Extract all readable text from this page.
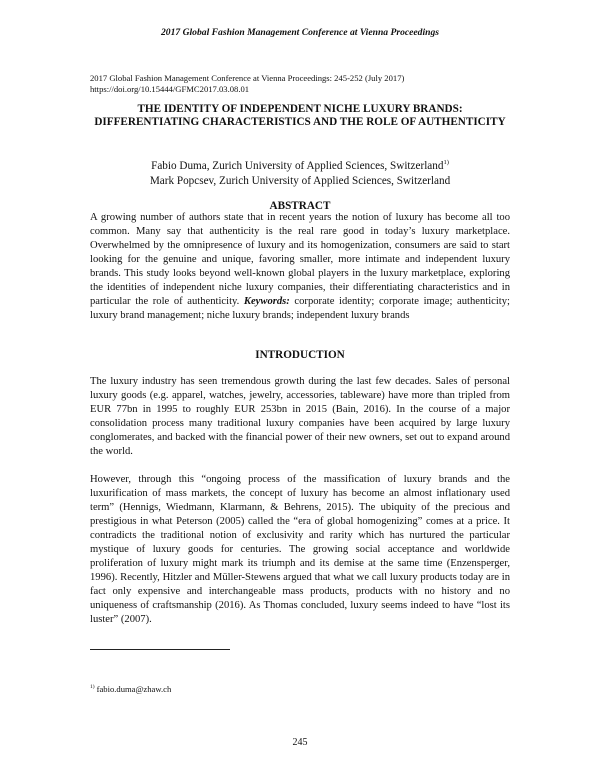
2017 Global Fashion Management Conference at Vienna Proceedings
2017 Global Fashion Management Conference at Vienna Proceedings: 245-252 (July 2017)
https://doi.org/10.15444/GFMC2017.03.08.01
THE IDENTITY OF INDEPENDENT NICHE LUXURY BRANDS: DIFFERENTIATING CHARACTERISTICS AND THE ROLE OF AUTHENTICITY
Fabio Duma, Zurich University of Applied Sciences, Switzerland$^{1)}$
Mark Popcsev, Zurich University of Applied Sciences, Switzerland
ABSTRACT
A growing number of authors state that in recent years the notion of luxury has become all too common. Many say that authenticity is the real rare good in today’s luxury marketplace. Overwhelmed by the omnipresence of luxury and its homogenization, consumers are said to start looking for the genuine and unique, favoring smaller, more intimate and independent luxury brands. This study looks beyond well-known global players in the luxury marketplace, exploring the identities of independent niche luxury companies, their differentiating characteristics and in particular the role of authenticity. Keywords: corporate identity; corporate image; authenticity; luxury brand management; niche luxury brands; independent luxury brands
INTRODUCTION
The luxury industry has seen tremendous growth during the last few decades. Sales of personal luxury goods (e.g. apparel, watches, jewelry, accessories, tableware) have more than tripled from EUR 77bn in 1995 to roughly EUR 253bn in 2015 (Bain, 2016). In the course of a major consolidation process many traditional luxury companies have been acquired by large luxury conglomerates, and backed with the financial power of their new owners, set out to expand around the world.
However, through this “ongoing process of the massification of luxury brands and the luxurification of mass markets, the concept of luxury has become an almost inflationary used term” (Hennigs, Wiedmann, Klarmann, & Behrens, 2015). The ubiquity of the precious and prestigious in what Peterson (2005) called the “era of global homogenizing” comes at a price. It contradicts the traditional notion of exclusivity and rarity which has nurtured the particular mystique of luxury goods for centuries. The growing social acceptance and worldwide proliferation of luxury might mark its triumph and its demise at the same time (Enzensperger, 1996). Recently, Hitzler and Müller-Stewens argued that what we call luxury products today are in fact only expensive and interchangeable mass products, products with no history and no uniqueness of craftsmanship (2016). As Thomas concluded, luxury seems indeed to have “lost its luster” (2007).
$^{1)}$ fabio.duma@zhaw.ch
245
